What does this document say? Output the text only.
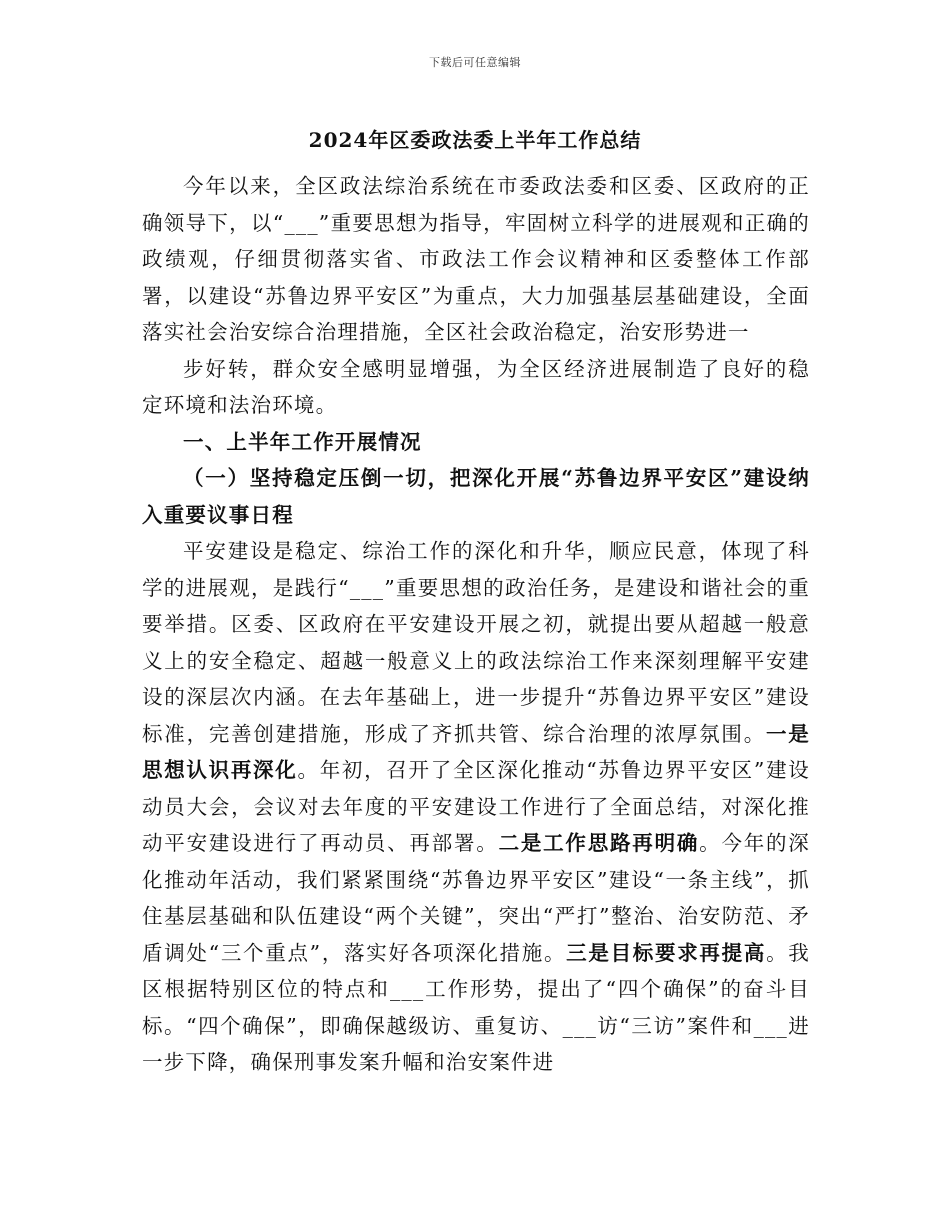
下载后可任意编辑
2024年区委政法委上半年工作总结

今年以来，全区政法综治系统在市委政法委和区委、区政府的正确领导下，以“___”重要思想为指导，牢固树立科学的进展观和正确的政绩观，仔细贯彻落实省、市政法工作会议精神和区委整体工作部署，以建设“苏鲁边界平安区”为重点，大力加强基层基础建设，全面落实社会治安综合治理措施，全区社会政治稳定，治安形势进一

步好转，群众安全感明显增强，为全区经济进展制造了良好的稳定环境和法治环境。

一、上半年工作开展情况

（一）坚持稳定压倒一切，把深化开展“苏鲁边界平安区”建设纳入重要议事日程

平安建设是稳定、综治工作的深化和升华，顺应民意，体现了科学的进展观，是践行“___”重要思想的政治任务，是建设和谐社会的重要举措。区委、区政府在平安建设开展之初，就提出要从超越一般意义上的安全稳定、超越一般意义上的政法综治工作来深刻理解平安建设的深层次内涵。在去年基础上，进一步提升“苏鲁边界平安区”建设标准，完善创建措施，形成了齐抓共管、综合治理的浓厚氛围。一是思想认识再深化。年初，召开了全区深化推动“苏鲁边界平安区”建设动员大会，会议对去年度的平安建设工作进行了全面总结，对深化推动平安建设进行了再动员、再部署。二是工作思路再明确。今年的深化推动年活动，我们紧紧围绕“苏鲁边界平安区”建设“一条主线”，抓住基层基础和队伍建设“两个关键”，突出“严打”整治、治安防范、矛盾调处“三个重点”，落实好各项深化措施。三是目标要求再提高。我区根据特别区位的特点和___工作形势，提出了“四个确保”的奋斗目标。“四个确保”，即确保越级访、重复访、___访“三访”案件和___进一步下降，确保刑事发案升幅和治安案件进
